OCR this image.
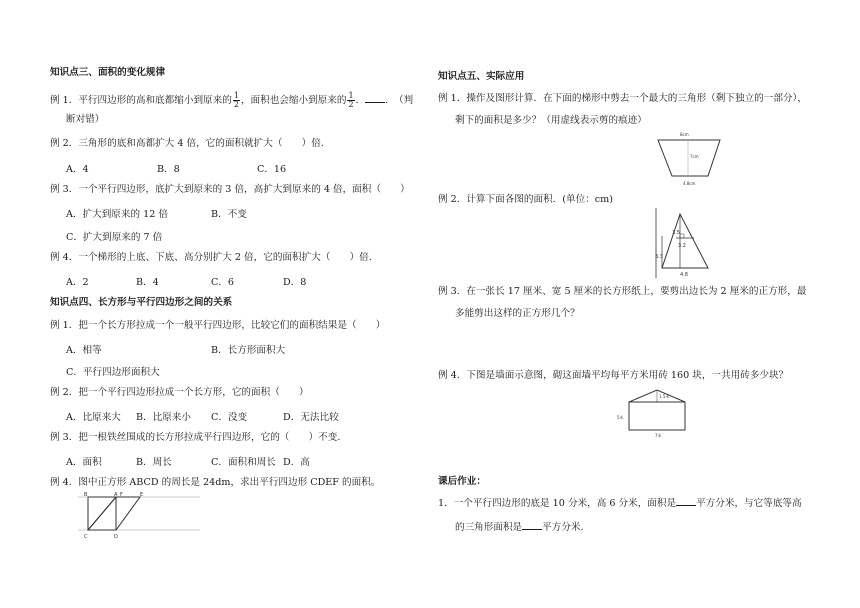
知识点三、面积的变化规律
例 1．平行四边形的高和底都缩小到原来的 $\frac{1}{2}$ ，面积也会缩小到原来的 $\frac{1}{2}$ ． ． （判
断对错）
例 2．三角形的底和高都扩大 4 倍，它的面积就扩大（　　）倍.
A．4	B．8	C．16
例 3．一个平行四边形，底扩大到原来的 3 倍，高扩大到原来的 4 倍，面积（　　）
A．扩大到原来的 12 倍	B．不变
C．扩大到原来的 7 倍
例 4．一个梯形的上底、下底、高分别扩大 2 倍，它的面积扩大（　　）倍.
A．2	B．4	C．6	D．8
知识点四、长方形与平行四边形之间的关系
例 1．把一个长方形拉成一个一般平行四边形，比较它们的面积结果是（　　）
A．相等	B．长方形面积大
C．平行四边形面积大
例 2．把一个平行四边形拉成一个长方形，它的面积（　　）
A．比原来大 B．比原来小 C．没变	D．无法比较
例 3．把一根铁丝围成的长方形拉成平行四边形，它的（　　）不变.
A．面积	B．周长	C．面积和周长 D．高
例 4．图中正方形 ABCD 的周长是 24dm，求出平行四边形 CDEF 的面积。
B	A F	E
C	D
知识点五、实际应用
例 1．操作及图形计算．在下面的梯形中剪去一个最大的三角形（剩下独立的一部分），
剩下的面积是多少？（用虚线表示剪的痕迹）
8cm
7cm
4.8cm
例 2．计算下面各图的面积．(单位：cm)
3.5
3.2
3.3
4.8
例 3．在一张长 17 厘米、宽 5 厘米的长方形纸上，要剪出边长为 2 厘米的正方形，最
多能剪出这样的正方形几个？
例 4．下图是墙面示意图，砌这面墙平均每平方米用砖 160 块，一共用砖多少块？
1.5米
5米
7米
课后作业：
1．一个平行四边形的底是 10 分米，高 6 分米，面积是 平方分米，与它等底等高
的三角形面积是 平方分米.
